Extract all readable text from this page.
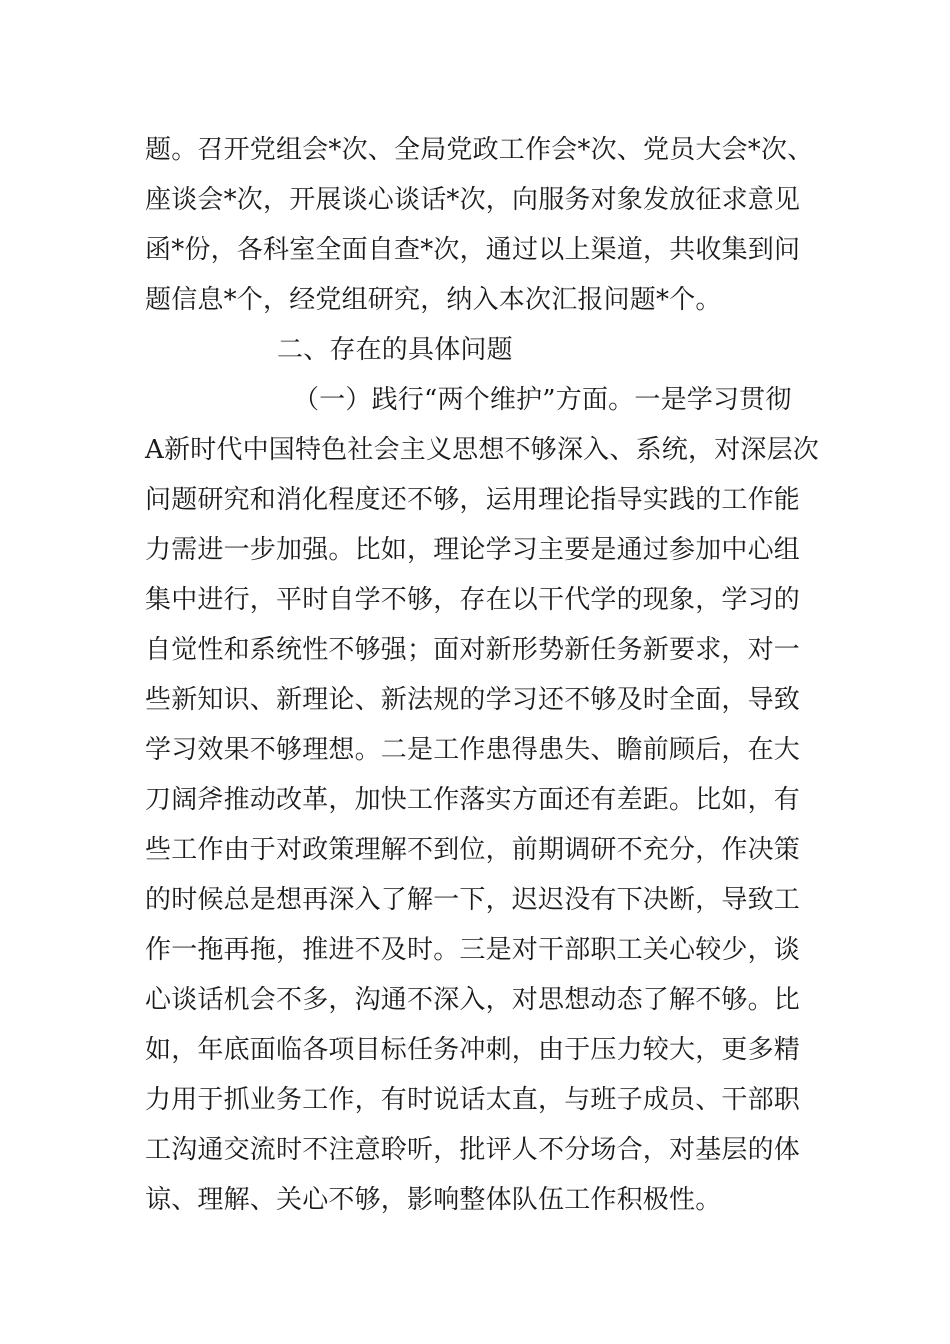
题。召开党组会*次、全局党政工作会*次、党员大会*次、
座谈会*次，开展谈心谈话*次，向服务对象发放征求意见
函*份，各科室全面自查*次，通过以上渠道，共收集到问
题信息*个，经党组研究，纳入本次汇报问题*个。
二、存在的具体问题
（一）践行“两个维护”方面。一是学习贯彻
A新时代中国特色社会主义思想不够深入、系统，对深层次
问题研究和消化程度还不够，运用理论指导实践的工作能
力需进一步加强。比如，理论学习主要是通过参加中心组
集中进行，平时自学不够，存在以干代学的现象，学习的
自觉性和系统性不够强；面对新形势新任务新要求，对一
些新知识、新理论、新法规的学习还不够及时全面，导致
学习效果不够理想。二是工作患得患失、瞻前顾后，在大
刀阔斧推动改革，加快工作落实方面还有差距。比如，有
些工作由于对政策理解不到位，前期调研不充分，作决策
的时候总是想再深入了解一下，迟迟没有下决断，导致工
作一拖再拖，推进不及时。三是对干部职工关心较少，谈
心谈话机会不多，沟通不深入，对思想动态了解不够。比
如，年底面临各项目标任务冲刺，由于压力较大，更多精
力用于抓业务工作，有时说话太直，与班子成员、干部职
工沟通交流时不注意聆听，批评人不分场合，对基层的体
谅、理解、关心不够，影响整体队伍工作积极性。
